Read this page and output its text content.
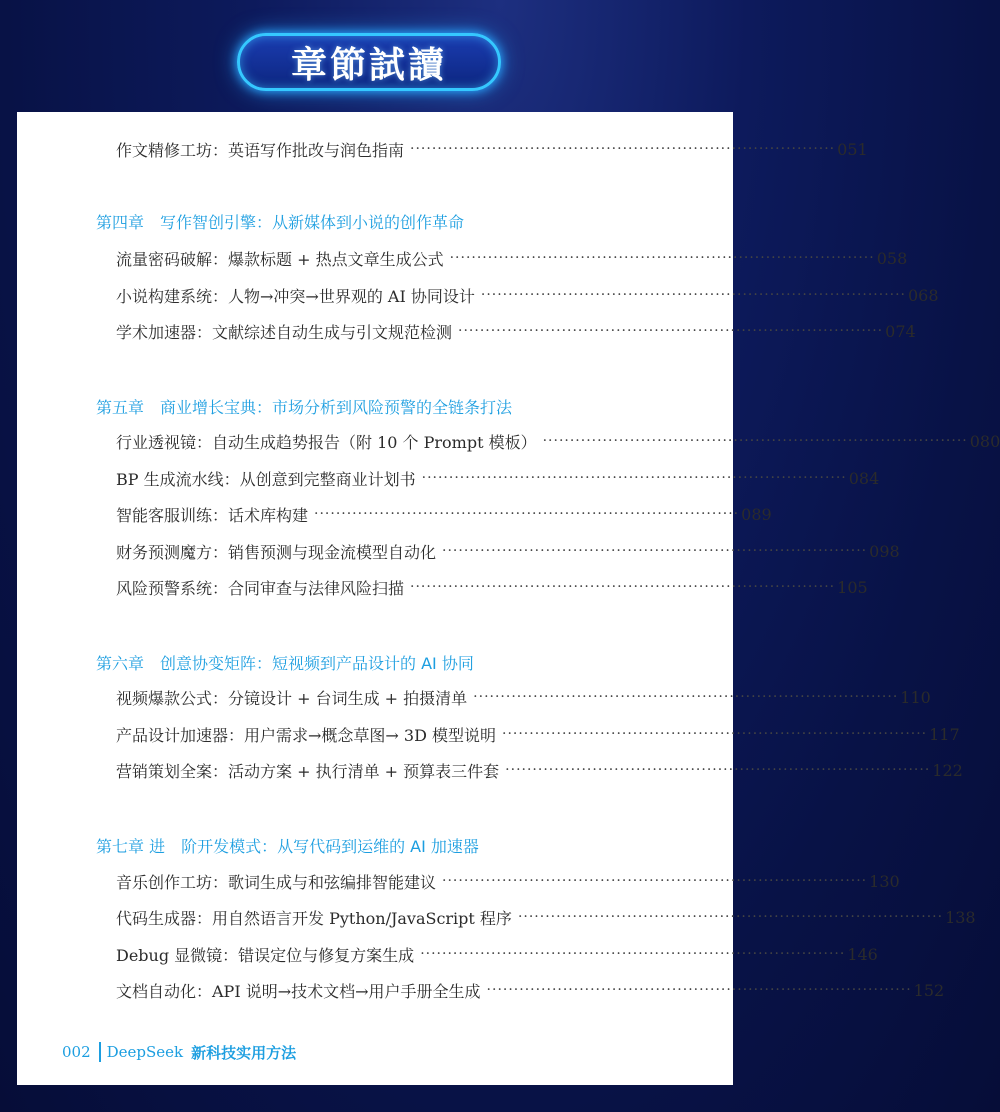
章節試讀
作文精修工坊：英语写作批改与润色指南 ·············································································· 051
第四章 写作智创引擎：从新媒体到小说的创作革命
流量密码破解：爆款标题 + 热点文章生成公式 ·············································································· 058
小说构建系统：人物→冲突→世界观的 AI 协同设计 ·············································································· 068
学术加速器：文献综述自动生成与引文规范检测 ·············································································· 074
第五章 商业增长宝典：市场分析到风险预警的全链条打法
行业透视镜：自动生成趋势报告（附 10 个 Prompt 模板） ·············································································· 080
BP 生成流水线：从创意到完整商业计划书 ·············································································· 084
智能客服训练：话术库构建 ·············································································· 089
财务预测魔方：销售预测与现金流模型自动化 ·············································································· 098
风险预警系统：合同审查与法律风险扫描 ·············································································· 105
第六章 创意协变矩阵：短视频到产品设计的 AI 协同
视频爆款公式：分镜设计 + 台词生成 + 拍摄清单 ·············································································· 110
产品设计加速器：用户需求→概念草图→ 3D 模型说明 ·············································································· 117
营销策划全案：活动方案 + 执行清单 + 预算表三件套 ·············································································· 122
第七章 进 阶开发模式：从写代码到运维的 AI 加速器
音乐创作工坊：歌词生成与和弦编排智能建议 ·············································································· 130
代码生成器：用自然语言开发 Python/JavaScript 程序 ·············································································· 138
Debug 显微镜：错误定位与修复方案生成 ·············································································· 146
文档自动化：API 说明→技术文档→用户手册全生成 ·············································································· 152
002 DeepSeek 新科技实用方法
